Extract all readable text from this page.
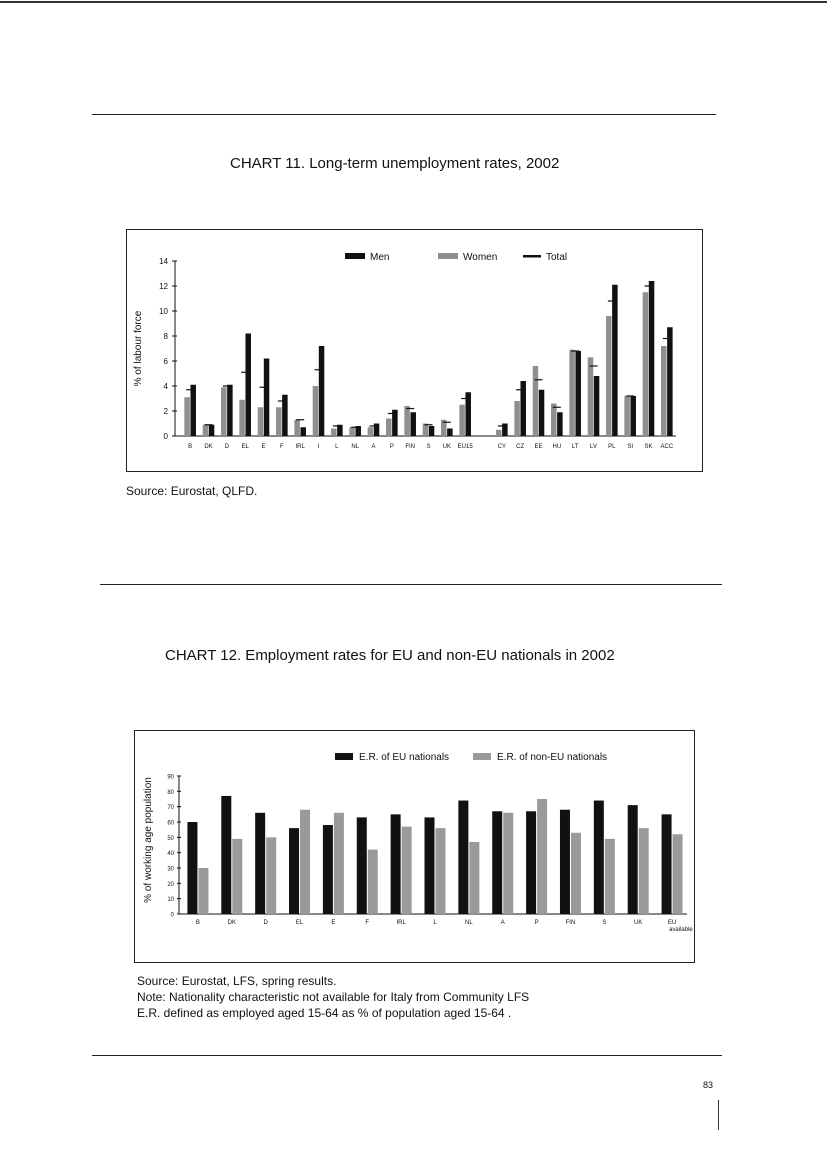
CHART 11. Long-term unemployment rates, 2002
% of labour force
0
2
4
6
8
10
12
14	Men	Women	Total
B DK D EL E F IRL I	L NL A P FIN S UK EU15	CY CZ EE HU LT LV PL SI SK ACC
Source: Eurostat, QLFD.
CHART 12. Employment rates for EU and non-EU nationals in 2002
% of working age population
0
10
20
30
40
50
60
70
80
90
E.R. of EU nationals	E.R. of non-EU nationals
B	DK	D	EL	E	F	IRL	L	NL	A	P	FIN	S	UK	EU
available
Source: Eurostat, LFS, spring results.
Note: Nationality characteristic not available for Italy from Community LFS
E.R. defined as employed aged 15-64 as % of population aged 15-64 .
83
